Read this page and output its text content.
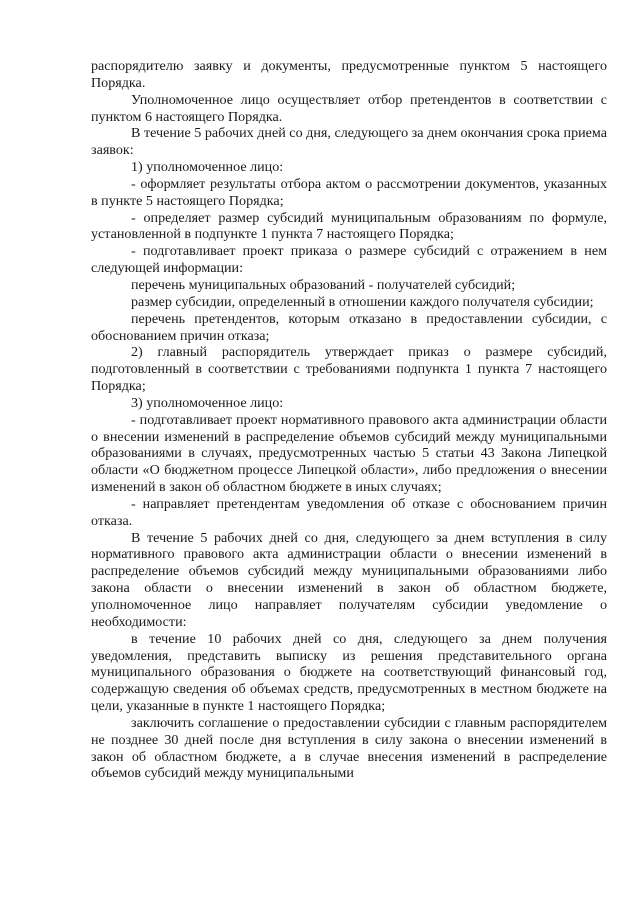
распорядителю заявку и документы, предусмотренные пунктом 5 настоящего Порядка.

Уполномоченное лицо осуществляет отбор претендентов в соответствии с пунктом 6 настоящего Порядка.

В течение 5 рабочих дней со дня, следующего за днем окончания срока приема заявок:

1) уполномоченное лицо:

- оформляет результаты отбора актом о рассмотрении документов, указанных в пункте 5 настоящего Порядка;

- определяет размер субсидий муниципальным образованиям по формуле, установленной в подпункте 1 пункта 7 настоящего Порядка;

- подготавливает проект приказа о размере субсидий с отражением в нем следующей информации:

перечень муниципальных образований - получателей субсидий;

размер субсидии, определенный в отношении каждого получателя субсидии;

перечень претендентов, которым отказано в предоставлении субсидии, с обоснованием причин отказа;

2) главный распорядитель утверждает приказ о размере субсидий, подготовленный в соответствии с требованиями подпункта 1 пункта 7 настоящего Порядка;

3) уполномоченное лицо:

- подготавливает проект нормативного правового акта администрации области о внесении изменений в распределение объемов субсидий между муниципальными образованиями в случаях, предусмотренных частью 5 статьи 43 Закона Липецкой области «О бюджетном процессе Липецкой области», либо предложения о внесении изменений в закон об областном бюджете в иных случаях;

- направляет претендентам уведомления об отказе с обоснованием причин отказа.

В течение 5 рабочих дней со дня, следующего за днем вступления в силу нормативного правового акта администрации области о внесении изменений в распределение объемов субсидий между муниципальными образованиями либо закона области о внесении изменений в закон об областном бюджете, уполномоченное лицо направляет получателям субсидии уведомление о необходимости:

в течение 10 рабочих дней со дня, следующего за днем получения уведомления, представить выписку из решения представительного органа муниципального образования о бюджете на соответствующий финансовый год, содержащую сведения об объемах средств, предусмотренных в местном бюджете на цели, указанные в пункте 1 настоящего Порядка;

заключить соглашение о предоставлении субсидии с главным распорядителем не позднее 30 дней после дня вступления в силу закона о внесении изменений в закон об областном бюджете, а в случае внесения изменений в распределение объемов субсидий между муниципальными
